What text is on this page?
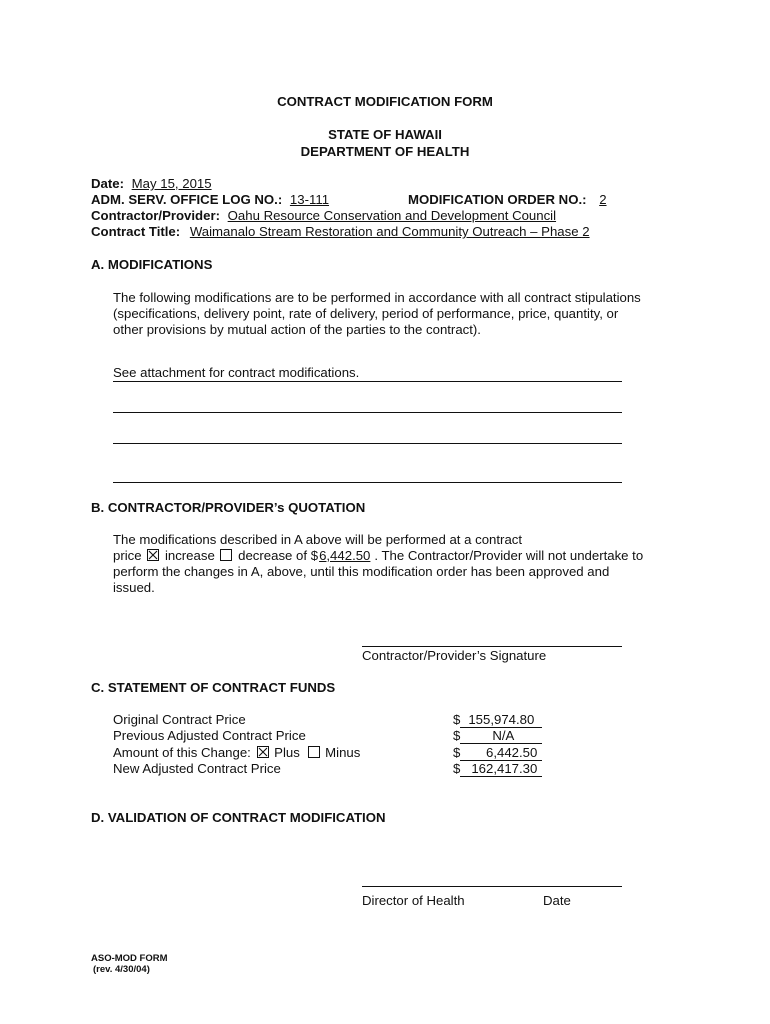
CONTRACT MODIFICATION FORM
STATE OF HAWAII
DEPARTMENT OF HEALTH
Date: May 15, 2015
ADM. SERV. OFFICE LOG NO.: 13-111	MODIFICATION ORDER NO.: 2
Contractor/Provider: Oahu Resource Conservation and Development Council
Contract Title: Waimanalo Stream Restoration and Community Outreach – Phase 2
A. MODIFICATIONS
The following modifications are to be performed in accordance with all contract stipulations
(specifications, delivery point, rate of delivery, period of performance, price, quantity, or
other provisions by mutual action of the parties to the contract).
See attachment for contract modifications.
B. CONTRACTOR/PROVIDER’s QUOTATION
The modifications described in A above will be performed at a contract
price increase decrease of $6,442.50 . The Contractor/Provider will not undertake to
perform the changes in A, above, until this modification order has been approved and
issued.
Contractor/Provider’s Signature
C. STATEMENT OF CONTRACT FUNDS
Original Contract Price
Previous Adjusted Contract Price
Amount of this Change: Plus Minus
New Adjusted Contract Price
$ 155,974.80
$ N/A
$ 6,442.50
$ 162,417.30
D. VALIDATION OF CONTRACT MODIFICATION
Director of Health	Date
ASO-MOD FORM
(rev. 4/30/04)
